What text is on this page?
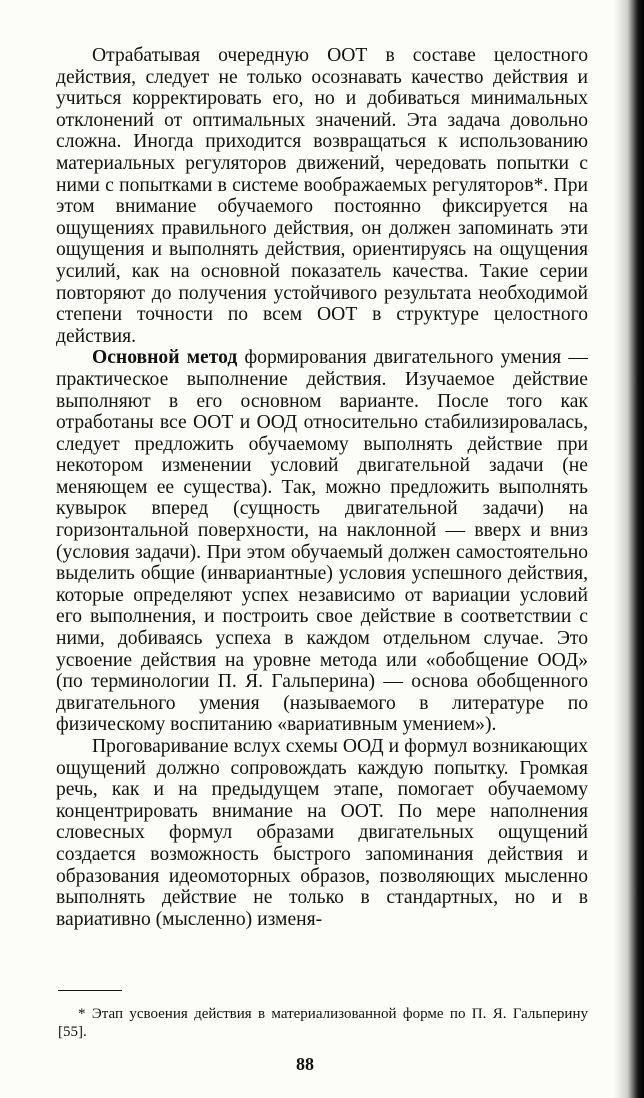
Отрабатывая очередную ООТ в составе целостного действия, следует не только осознавать качество действия и учиться корректировать его, но и добиваться минимальных отклонений от оптимальных значений. Эта задача довольно сложна. Иногда приходится возвращаться к использованию материальных регуляторов движений, чередовать попытки с ними с попытками в системе воображаемых регуляторов*. При этом внимание обучаемого постоянно фиксируется на ощущениях правильного действия, он должен запоминать эти ощущения и выполнять действия, ориентируясь на ощущения усилий, как на основной показатель качества. Такие серии повторяют до получения устойчивого результата необходимой степени точности по всем ООТ в структуре целостного действия.

Основной метод формирования двигательного умения — практическое выполнение действия. Изучаемое действие выполняют в его основном варианте. После того как отработаны все ООТ и ООД относительно стабилизировалась, следует предложить обучаемому выполнять действие при некотором изменении условий двигательной задачи (не меняющем ее существа). Так, можно предложить выполнять кувырок вперед (сущность двигательной задачи) на горизонтальной поверхности, на наклонной — вверх и вниз (условия задачи). При этом обучаемый должен самостоятельно выделить общие (инвариантные) условия успешного действия, которые определяют успех независимо от вариации условий его выполнения, и построить свое действие в соответствии с ними, добиваясь успеха в каждом отдельном случае. Это усвоение действия на уровне метода или «обобщение ООД» (по терминологии П. Я. Гальперина) — основа обобщенного двигательного умения (называемого в литературе по физическому воспитанию «вариативным умением»).

Проговаривание вслух схемы ООД и формул возникающих ощущений должно сопровождать каждую попытку. Громкая речь, как и на предыдущем этапе, помогает обучаемому концентрировать внимание на ООТ. По мере наполнения словесных формул образами двигательных ощущений создается возможность быстрого запоминания действия и образования идеомоторных образов, позволяющих мысленно выполнять действие не только в стандартных, но и в вариативно (мысленно) изменя-

* Этап усвоения действия в материализованной форме по П. Я. Гальперину [55].

88
